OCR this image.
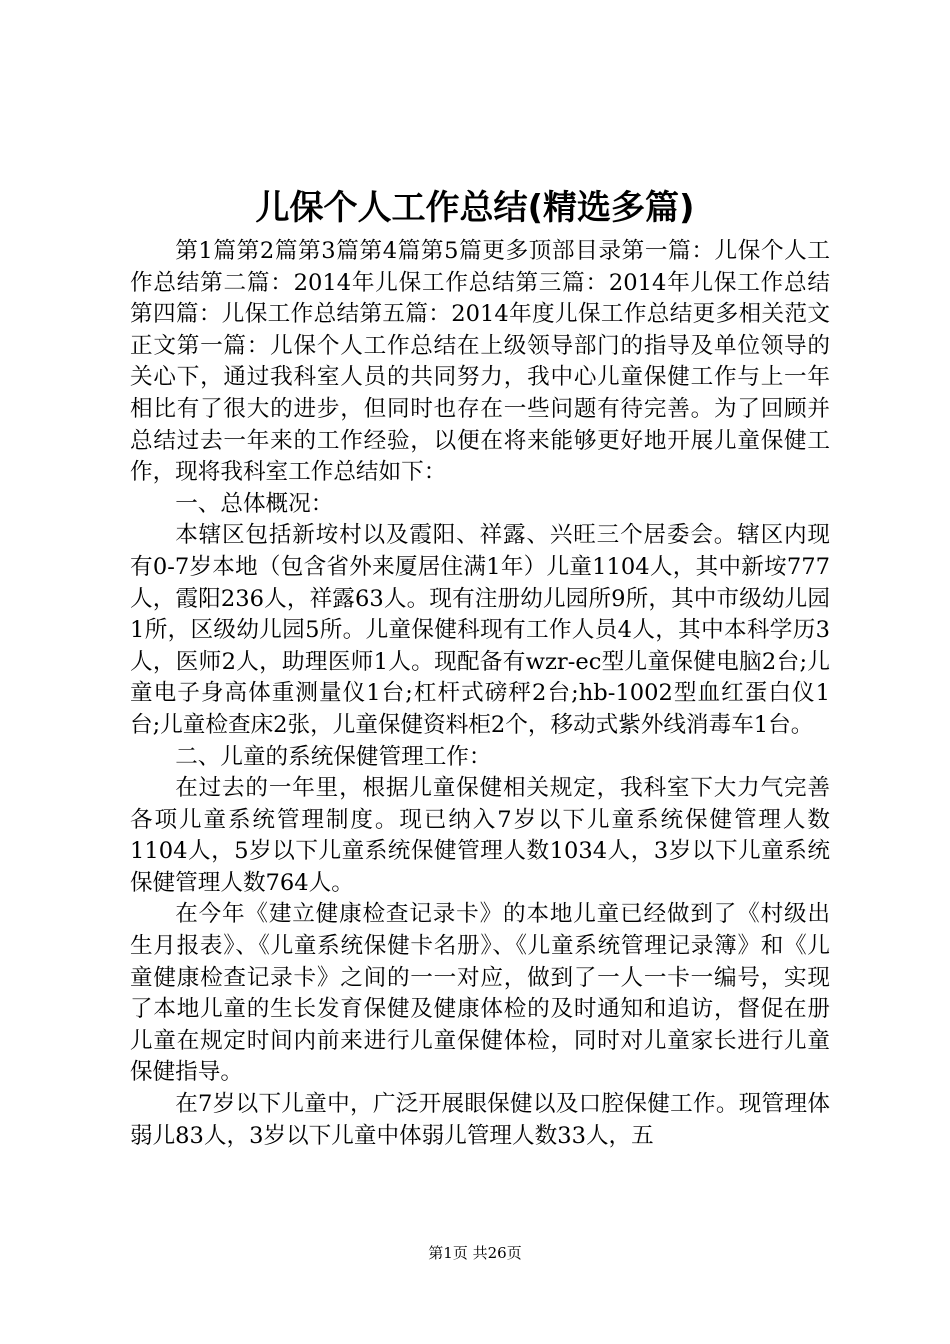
儿保个人工作总结(精选多篇)

第1篇第2篇第3篇第4篇第5篇更多顶部目录第一篇：儿保个人工作总结第二篇：2014年儿保工作总结第三篇：2014年儿保工作总结第四篇：儿保工作总结第五篇：2014年度儿保工作总结更多相关范文正文第一篇：儿保个人工作总结在上级领导部门的指导及单位领导的关心下，通过我科室人员的共同努力，我中心儿童保健工作与上一年相比有了很大的进步，但同时也存在一些问题有待完善。为了回顾并总结过去一年来的工作经验，以便在将来能够更好地开展儿童保健工作，现将我科室工作总结如下：

一、总体概况：

本辖区包括新垵村以及霞阳、祥露、兴旺三个居委会。辖区内现有0-7岁本地（包含省外来厦居住满1年）儿童1104人，其中新垵777人，霞阳236人，祥露63人。现有注册幼儿园所9所，其中市级幼儿园1所，区级幼儿园5所。儿童保健科现有工作人员4人，其中本科学历3人，医师2人，助理医师1人。现配备有wzr-ec型儿童保健电脑2台;儿童电子身高体重测量仪1台;杠杆式磅秤2台;hb-1002型血红蛋白仪1台;儿童检查床2张，儿童保健资料柜2个，移动式紫外线消毒车1台。

二、儿童的系统保健管理工作：

在过去的一年里，根据儿童保健相关规定，我科室下大力气完善各项儿童系统管理制度。现已纳入7岁以下儿童系统保健管理人数1104人，5岁以下儿童系统保健管理人数1034人，3岁以下儿童系统保健管理人数764人。

在今年《建立健康检查记录卡》的本地儿童已经做到了《村级出生月报表》、《儿童系统保健卡名册》、《儿童系统管理记录簿》和《儿童健康检查记录卡》之间的一一对应，做到了一人一卡一编号，实现了本地儿童的生长发育保健及健康体检的及时通知和追访，督促在册儿童在规定时间内前来进行儿童保健体检，同时对儿童家长进行儿童保健指导。

在7岁以下儿童中，广泛开展眼保健以及口腔保健工作。现管理体弱儿83人，3岁以下儿童中体弱儿管理人数33人，五

第1页 共26页
